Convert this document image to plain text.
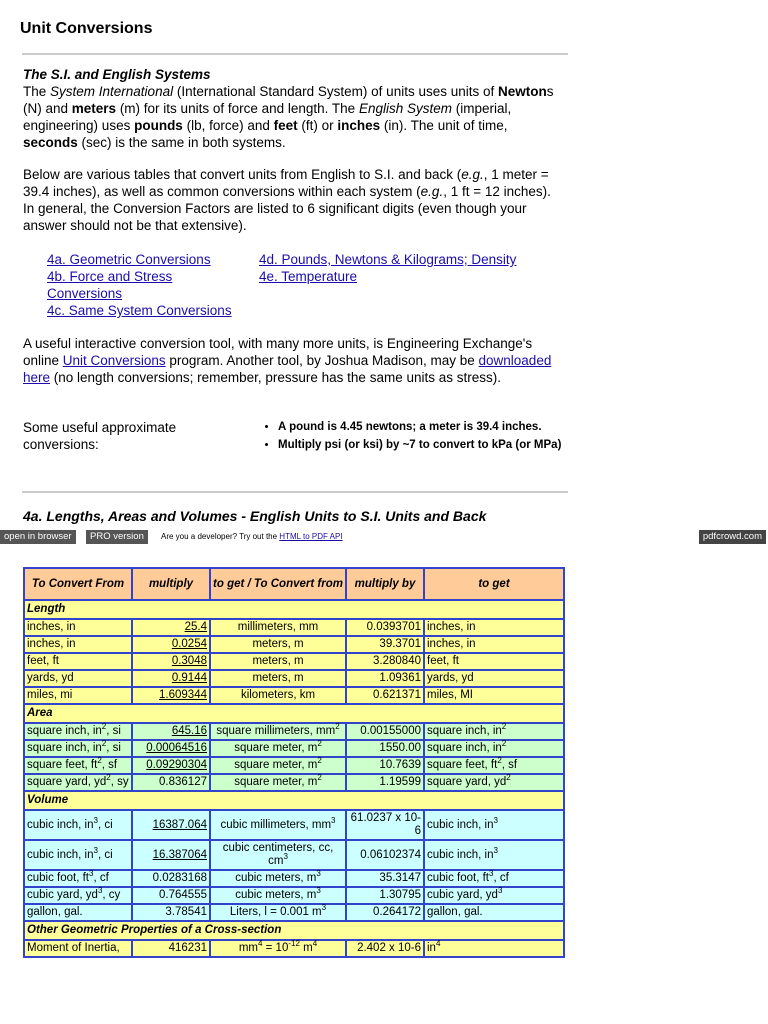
Unit Conversions
The S.I. and English Systems

The System International (International Standard System) of units uses units of Newtons (N) and meters (m) for its units of force and length. The English System (imperial, engineering) uses pounds (lb, force) and feet (ft) or inches (in). The unit of time, seconds (sec) is the same in both systems.

Below are various tables that convert units from English to S.I. and back (e.g., 1 meter = 39.4 inches), as well as common conversions within each system (e.g., 1 ft = 12 inches). In general, the Conversion Factors are listed to 6 significant digits (even though your answer should not be that extensive).

4a. Geometric Conversions
4b. Force and Stress Conversions
4c. Same System Conversions
4d. Pounds, Newtons & Kilograms; Density
4e. Temperature

A useful interactive conversion tool, with many more units, is Engineering Exchange's online Unit Conversions program. Another tool, by Joshua Madison, may be downloaded here (no length conversions; remember, pressure has the same units as stress).

Some useful approximate conversions:
• A pound is 4.45 newtons; a meter is 39.4 inches.
• Multiply psi (or ksi) by ~7 to convert to kPa (or MPa)
4a. Lengths, Areas and Volumes - English Units to S.I. Units and Back
open in browser	PRO version	Are you a developer? Try out the HTML to PDF API	pdfcrowd.com
To Convert From	multiply	to get / To Convert from	multiply by	to get
Length				
inches, in	25.4	millimeters, mm	0.0393701	inches, in
inches, in	0.0254	meters, m	39.3701	inches, in
feet, ft	0.3048	meters, m	3.280840	feet, ft
yards, yd	0.9144	meters, m	1.09361	yards, yd
miles, mi	1.609344	kilometers, km	0.621371	miles, MI
Area				
square inch, $in^2$, si	645.16	square millimeters, $mm^2$	0.00155000	square inch, $in^2$
square inch, $in^2$, si	0.00064516	square meter, $m^2$	1550.00	square inch, $in^2$
square feet, $ft^2$, sf	0.09290304	square meter, $m^2$	10.7639	square feet, $ft^2$, sf
square yard, $yd^2$, sy	0.836127	square meter, $m^2$	1.19599	square yard, $yd^2$
Volume				
cubic inch, $in^3$, ci	16387.064	cubic millimeters, $mm^3$	61.0237 x 10-6	cubic inch, $in^3$
cubic inch, $in^3$, ci	16.387064	cubic centimeters, cc, $cm^3$	0.06102374	cubic inch, $in^3$
cubic foot, $ft^3$, cf	0.0283168	cubic meters, $m^3$	35.3147	cubic foot, $ft^3$, cf
cubic yard, $yd^3$, cy	0.764555	cubic meters, $m^3$	1.30795	cubic yard, $yd^3$
gallon, gal.	3.78541	Liters, l = 0.001 $m^3$	0.264172	gallon, gal.
Other Geometric Properties of a Cross-section				
Moment of Inertia,	416231	$mm^4 = 10^{-12}$ $m^4$	2.402 x 10-6	$in^4$
